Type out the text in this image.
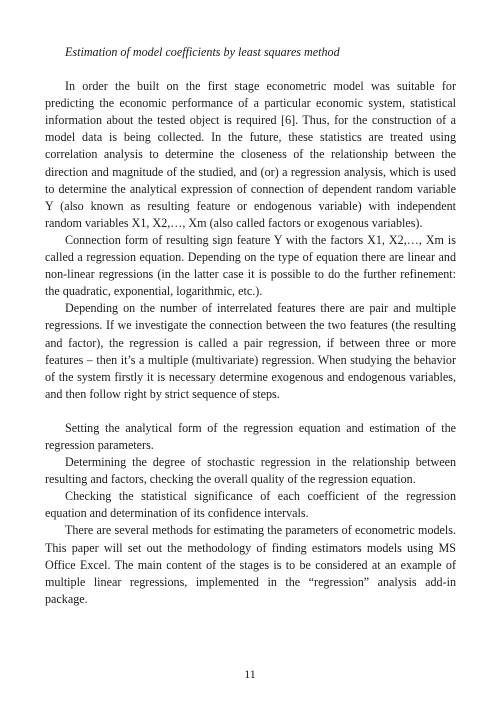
Estimation of model coefficients by least squares method

In order the built on the first stage econometric model was suitable for predicting the economic performance of a particular economic system, statistical information about the tested object is required [6]. Thus, for the construction of a model data is being collected. In the future, these statistics are treated using correlation analysis to determine the closeness of the relationship between the direction and magnitude of the studied, and (or) a regression analysis, which is used to determine the analytical expression of connection of dependent random variable Y (also known as resulting feature or endogenous variable) with independent random variables X1, X2,…, Xm (also called factors or exogenous variables).

Connection form of resulting sign feature Y with the factors X1, X2,…, Xm is called a regression equation. Depending on the type of equation there are linear and non-linear regressions (in the latter case it is possible to do the further refinement: the quadratic, exponential, logarithmic, etc.).

Depending on the number of interrelated features there are pair and multiple regressions. If we investigate the connection between the two features (the resulting and factor), the regression is called a pair regression, if between three or more features – then it’s a multiple (multivariate) regression. When studying the behavior of the system firstly it is necessary determine exogenous and endogenous variables, and then follow right by strict sequence of steps.

Setting the analytical form of the regression equation and estimation of the regression parameters.

Determining the degree of stochastic regression in the relationship between resulting and factors, checking the overall quality of the regression equation.

Checking the statistical significance of each coefficient of the regression equation and determination of its confidence intervals.

There are several methods for estimating the parameters of econometric models. This paper will set out the methodology of finding estimators models using MS Office Excel. The main content of the stages is to be considered at an example of multiple linear regressions, implemented in the “regression” analysis add-in package.

11
